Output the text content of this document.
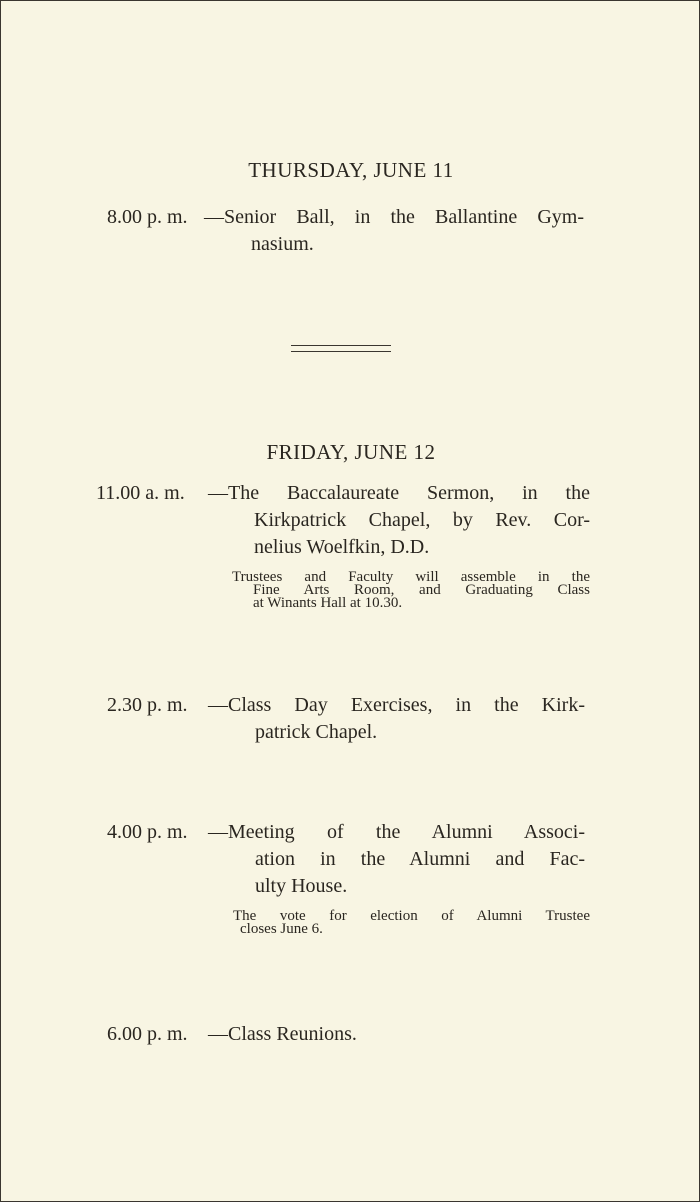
THURSDAY, JUNE 11
8.00 p. m. —Senior Ball, in the Ballantine Gym-
nasium.
FRIDAY, JUNE 12
11.00 a. m. —The Baccalaureate Sermon, in the
Kirkpatrick Chapel, by Rev. Cor-
nelius Woelfkin, D.D.
Trustees and Faculty will assemble in the
Fine Arts Room, and Graduating Class

at Winants Hall at 10.30.
2.30 p. m. —Class Day Exercises, in the Kirk-
patrick Chapel.
4.00 p. m. —Meeting of the Alumni Associ-
ation in the Alumni and Fac-
ulty House.
The vote for election of Alumni Trustee

closes June 6.
6.00 p. m. —Class Reunions.
